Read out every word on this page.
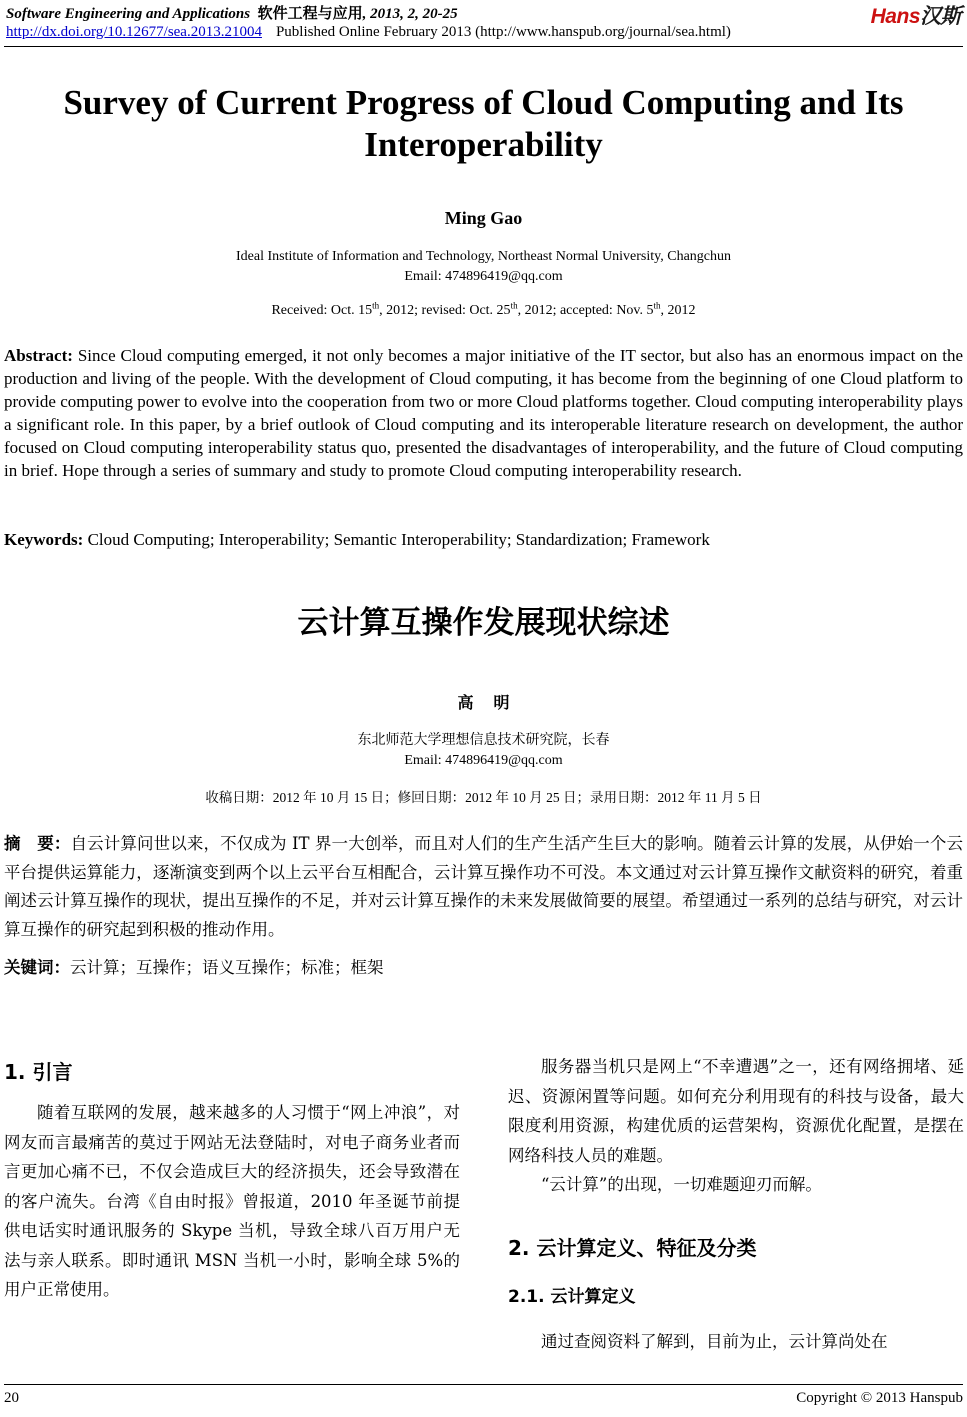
Software Engineering and Applications 软件工程与应用, 2013, 2, 20-25
http://dx.doi.org/10.12677/sea.2013.21004 Published Online February 2013 (http://www.hanspub.org/journal/sea.html)
Hans汉斯
Survey of Current Progress of Cloud Computing and Its Interoperability
Ming Gao
Ideal Institute of Information and Technology, Northeast Normal University, Changchun
Email: 474896419@qq.com
Received: Oct. 15th, 2012; revised: Oct. 25th, 2012; accepted: Nov. 5th, 2012
Abstract: Since Cloud computing emerged, it not only becomes a major initiative of the IT sector, but also has an enormous impact on the production and living of the people. With the development of Cloud computing, it has become from the beginning of one Cloud platform to provide computing power to evolve into the cooperation from two or more Cloud platforms together. Cloud computing interoperability plays a significant role. In this paper, by a brief outlook of Cloud computing and its interoperable literature research on development, the author focused on Cloud computing interoperability status quo, presented the disadvantages of interoperability, and the future of Cloud computing in brief. Hope through a series of summary and study to promote Cloud computing interoperability research.
Keywords: Cloud Computing; Interoperability; Semantic Interoperability; Standardization; Framework
云计算互操作发展现状综述
高明
东北师范大学理想信息技术研究院，长春
Email: 474896419@qq.com
收稿日期：2012 年 10 月 15 日；修回日期：2012 年 10 月 25 日；录用日期：2012 年 11 月 5 日
摘　要：自云计算问世以来，不仅成为 IT 界一大创举，而且对人们的生产生活产生巨大的影响。随着云计算的发展，从伊始一个云平台提供运算能力，逐渐演变到两个以上云平台互相配合，云计算互操作功不可没。本文通过对云计算互操作文献资料的研究，着重阐述云计算互操作的现状，提出互操作的不足，并对云计算互操作的未来发展做简要的展望。希望通过一系列的总结与研究，对云计算互操作的研究起到积极的推动作用。
关键词：云计算；互操作；语义互操作；标准；框架
1. 引言

随着互联网的发展，越来越多的人习惯于“网上冲浪”，对网友而言最痛苦的莫过于网站无法登陆时，对电子商务业者而言更加心痛不已，不仅会造成巨大的经济损失，还会导致潜在的客户流失。台湾《自由时报》曾报道，2010 年圣诞节前提供电话实时通讯服务的 Skype 当机，导致全球八百万用户无法与亲人联系。即时通讯 MSN 当机一小时，影响全球 5%的用户正常使用。

服务器当机只是网上“不幸遭遇”之一，还有网络拥堵、延迟、资源闲置等问题。如何充分利用现有的科技与设备，最大限度利用资源，构建优质的运营架构，资源优化配置，是摆在网络科技人员的难题。

“云计算”的出现，一切难题迎刃而解。

2. 云计算定义、特征及分类
2.1. 云计算定义

通过查阅资料了解到，目前为止，云计算尚处在

20	Copyright © 2013 Hanspub
